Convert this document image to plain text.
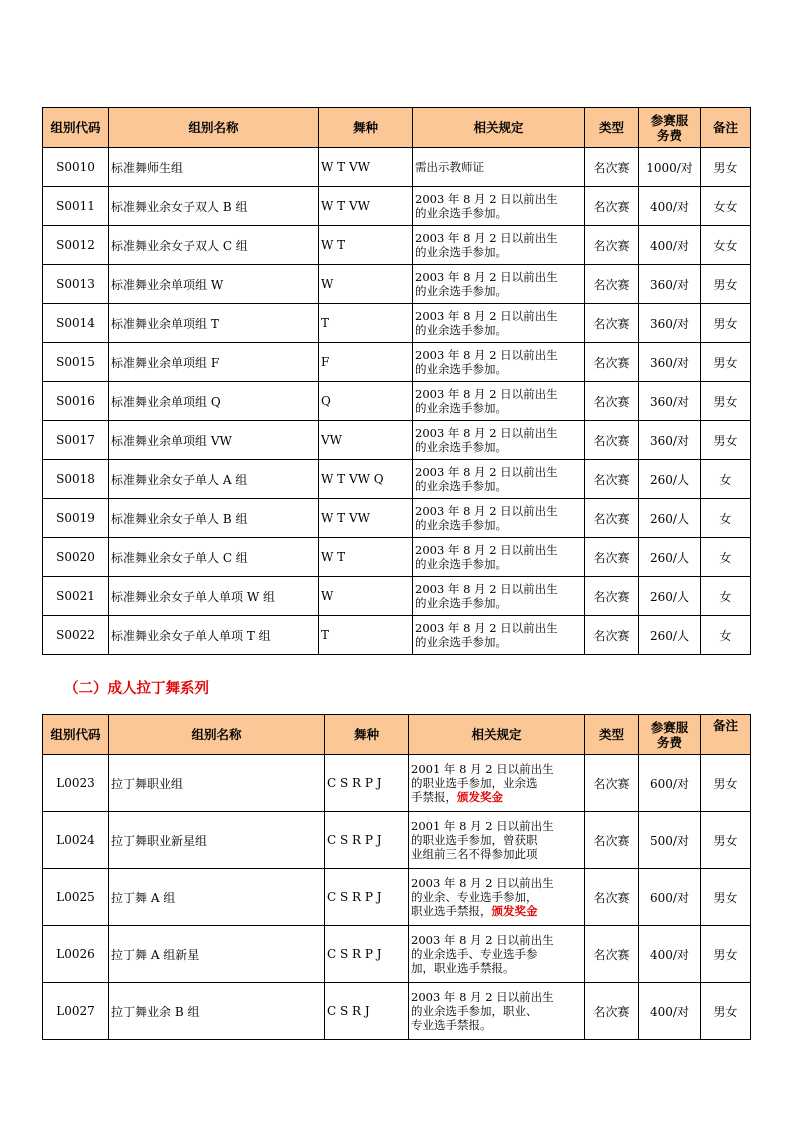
组别代码	组别名称	舞种	相关规定	类型	参赛服
务费	备注
S0010	标准舞师生组	W T VW	需出示教师证	名次赛	1000/对	男女
S0011	标准舞业余女子双人 B 组	W T VW	2003 年 8 月 2 日以前出生
的业余选手参加。	名次赛	400/对	女女
S0012	标准舞业余女子双人 C 组	W T	2003 年 8 月 2 日以前出生
的业余选手参加。	名次赛	400/对	女女
S0013	标准舞业余单项组 W	W	2003 年 8 月 2 日以前出生
的业余选手参加。	名次赛	360/对	男女
S0014	标准舞业余单项组 T	T	2003 年 8 月 2 日以前出生
的业余选手参加。	名次赛	360/对	男女
S0015	标准舞业余单项组 F	F	2003 年 8 月 2 日以前出生
的业余选手参加。	名次赛	360/对	男女
S0016	标准舞业余单项组 Q	Q	2003 年 8 月 2 日以前出生
的业余选手参加。	名次赛	360/对	男女
S0017	标准舞业余单项组 VW	VW	2003 年 8 月 2 日以前出生
的业余选手参加。	名次赛	360/对	男女
S0018	标准舞业余女子单人 A 组	W T VW Q	2003 年 8 月 2 日以前出生
的业余选手参加。	名次赛	260/人	女
S0019	标准舞业余女子单人 B 组	W T VW	2003 年 8 月 2 日以前出生
的业余选手参加。	名次赛	260/人	女
S0020	标准舞业余女子单人 C 组	W T	2003 年 8 月 2 日以前出生
的业余选手参加。	名次赛	260/人	女
S0021	标准舞业余女子单人单项 W 组	W	2003 年 8 月 2 日以前出生
的业余选手参加。	名次赛	260/人	女
S0022	标准舞业余女子单人单项 T 组	T	2003 年 8 月 2 日以前出生
的业余选手参加。	名次赛	260/人	女
（二）成人拉丁舞系列
组别代码	组别名称	舞种	相关规定	类型	参赛服
务费	备注
L0023	拉丁舞职业组	C S R P J	2001 年 8 月 2 日以前出生
的职业选手参加，业余选
手禁报，颁发奖金	名次赛	600/对	男女
L0024	拉丁舞职业新星组	C S R P J	2001 年 8 月 2 日以前出生
的职业选手参加，曾获职
业组前三名不得参加此项	名次赛	500/对	男女
L0025	拉丁舞 A 组	C S R P J	2003 年 8 月 2 日以前出生
的业余、专业选手参加，
职业选手禁报，颁发奖金	名次赛	600/对	男女
L0026	拉丁舞 A 组新星	C S R P J	2003 年 8 月 2 日以前出生
的业余选手、专业选手参
加，职业选手禁报。	名次赛	400/对	男女
L0027	拉丁舞业余 B 组	C S R J	2003 年 8 月 2 日以前出生
的业余选手参加，职业、
专业选手禁报。	名次赛	400/对	男女
